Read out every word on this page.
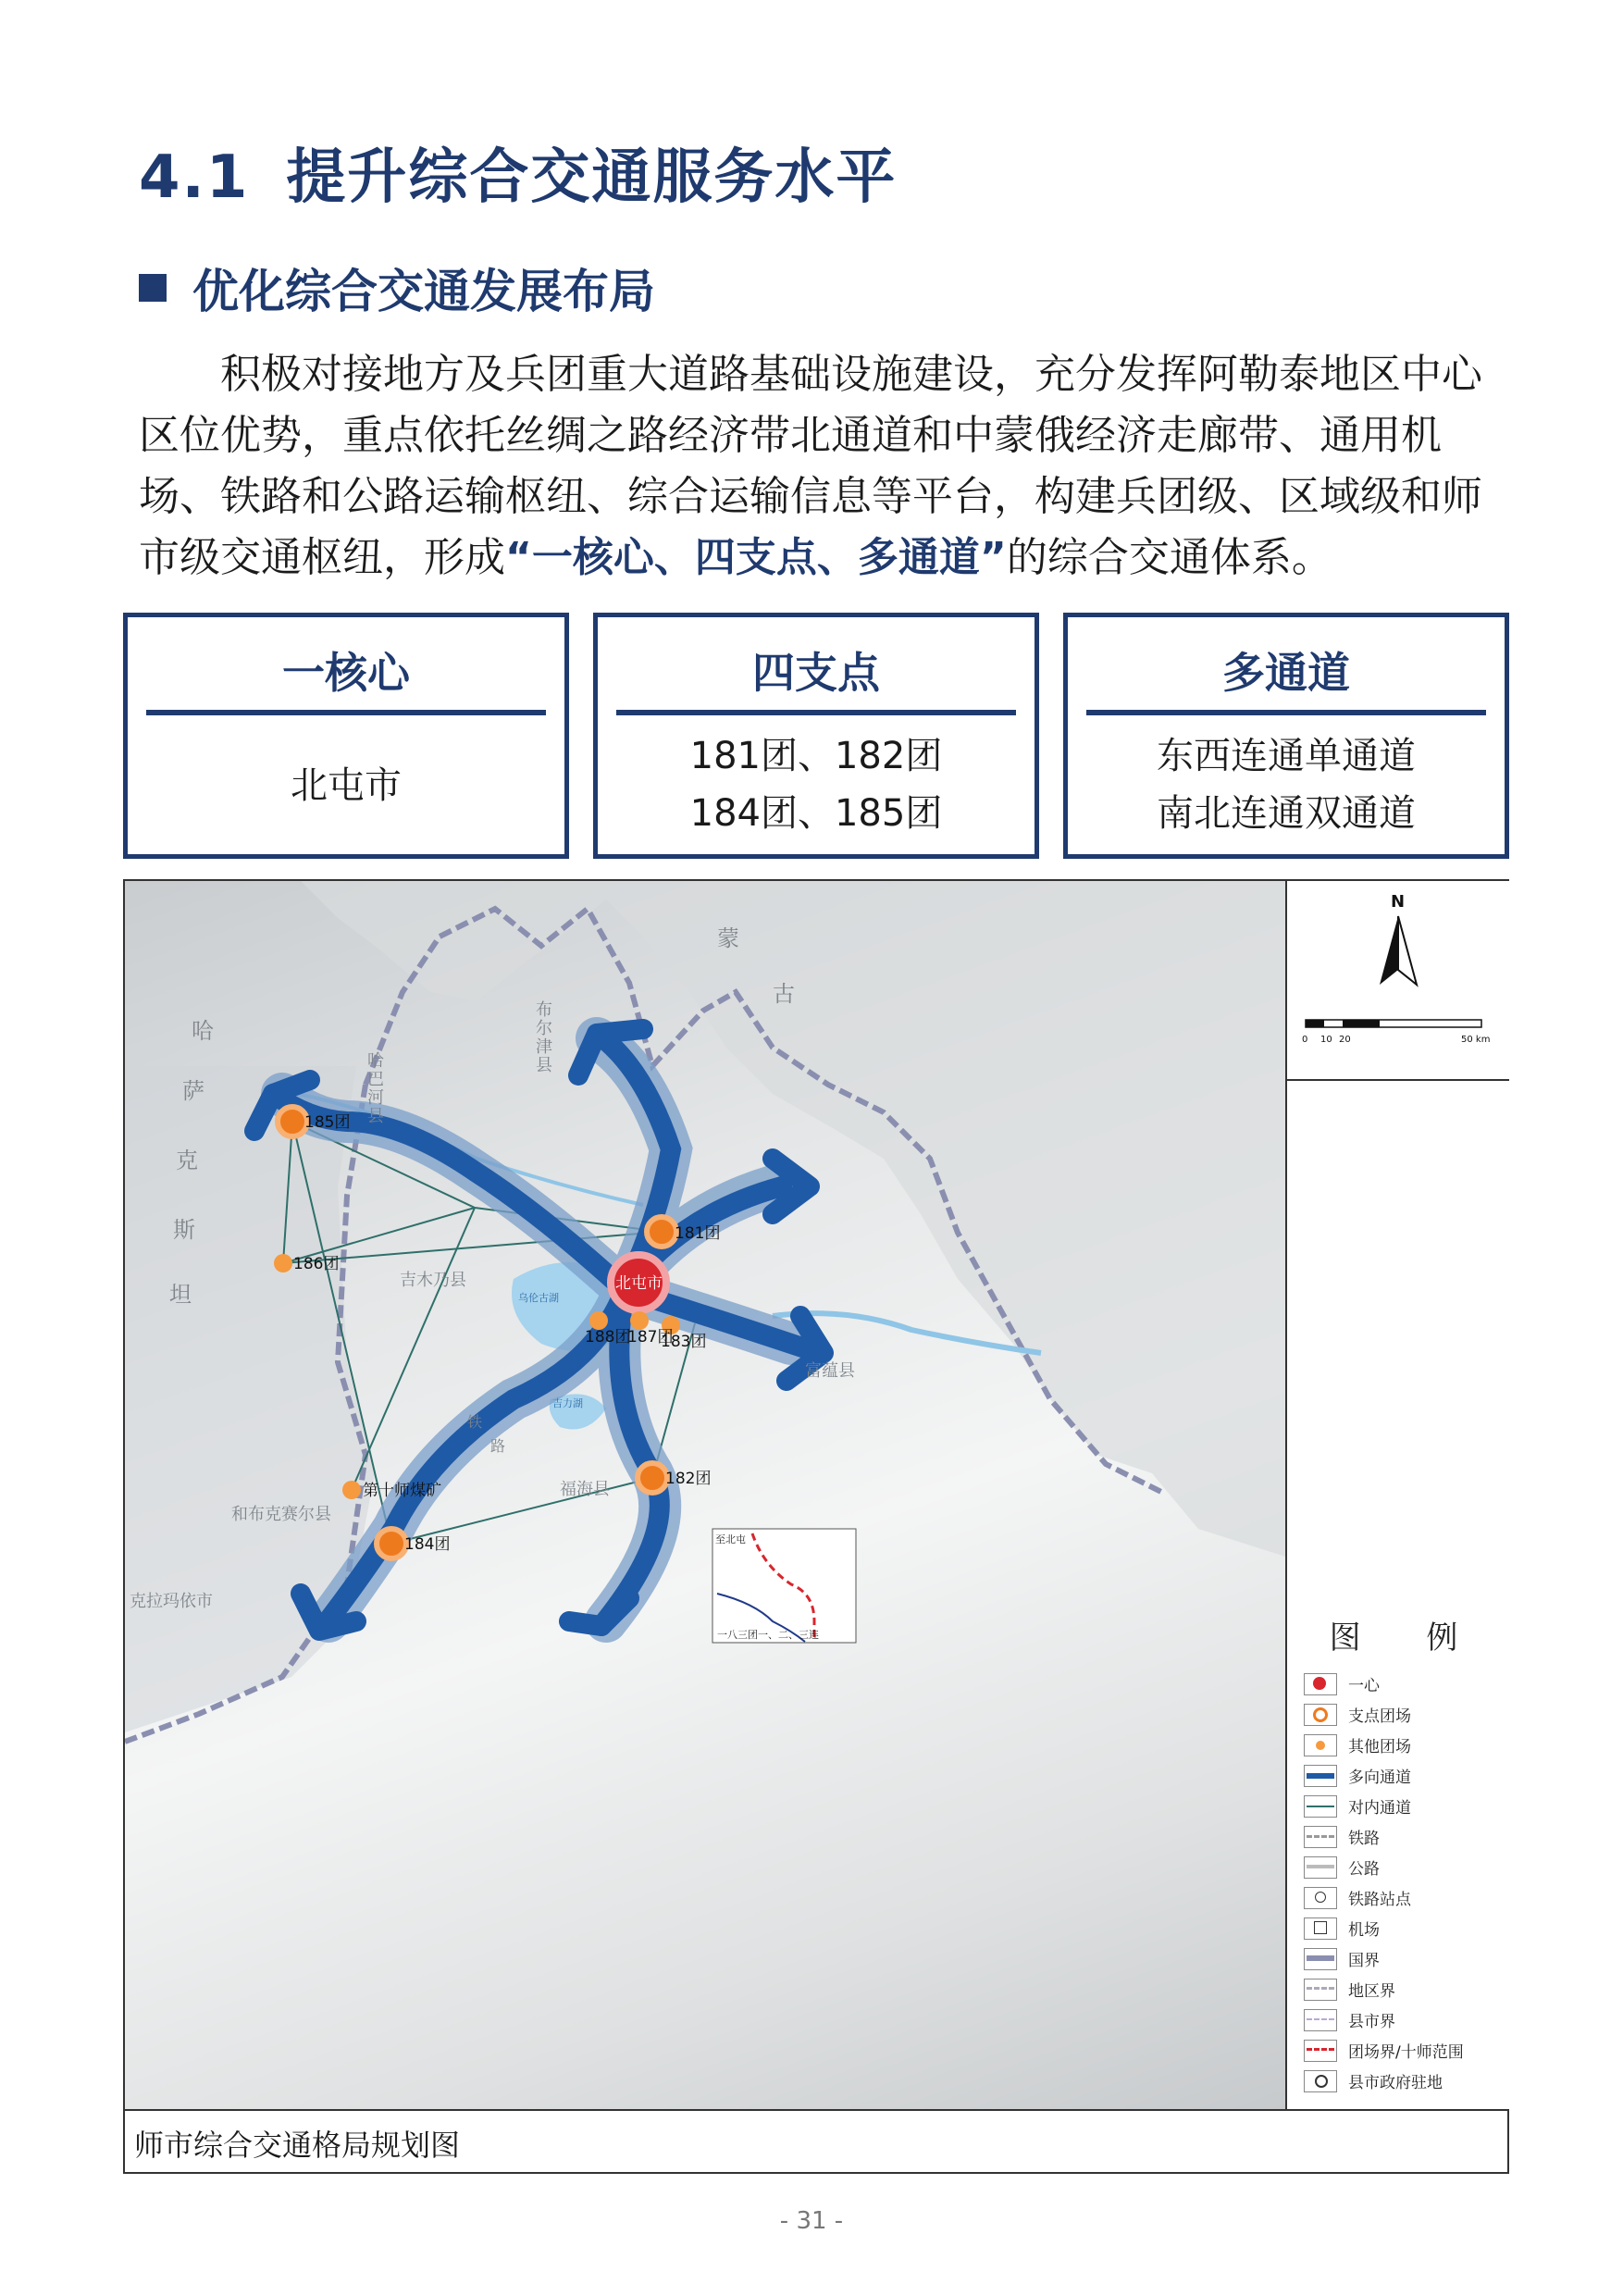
4.1 提升综合交通服务水平
优化综合交通发展布局
积极对接地方及兵团重大道路基础设施建设，充分发挥阿勒泰地区中心区位优势，重点依托丝绸之路经济带北通道和中蒙俄经济走廊带、通用机场、铁路和公路运输枢纽、综合运输信息等平台，构建兵团级、区域级和师市级交通枢纽，形成“一核心、四支点、多通道”的综合交通体系。
一核心
北屯市
四支点
181团、182团
184团、185团
多通道
东西连通单通道
南北连通双通道
185团
181团
182团
184团
186团
188团
187团
183团
第十师煤矿
北屯市
蒙
古
哈
萨
克
斯
坦
吉木乃县
和布克赛尔县
福海县
富蕴县
克拉玛依市
哈
巴
河
县
布
尔
津
县
乌伦古湖
吉力湖
铁
路
至北屯
一八三团一、二、三连
N
0 10 20	50 km
图 例
一心
支点团场
其他团场
多向通道
对内通道
铁路
公路
铁路站点
机场
国界
地区界
县市界
团场界/十师范围
县市政府驻地
师市综合交通格局规划图
- 31 -
